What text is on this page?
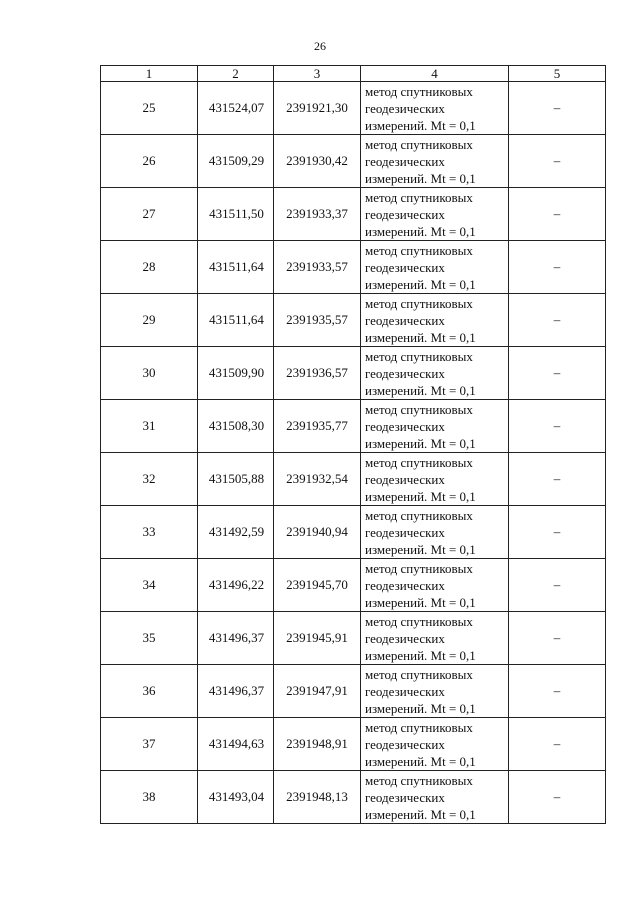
26
1	2	3	4	5
25	431524,07	2391921,30	метод спутниковых
геодезических
измерений. Mt = 0,1	–
26	431509,29	2391930,42	метод спутниковых
геодезических
измерений. Mt = 0,1	–
27	431511,50	2391933,37	метод спутниковых
геодезических
измерений. Mt = 0,1	–
28	431511,64	2391933,57	метод спутниковых
геодезических
измерений. Mt = 0,1	–
29	431511,64	2391935,57	метод спутниковых
геодезических
измерений. Mt = 0,1	–
30	431509,90	2391936,57	метод спутниковых
геодезических
измерений. Mt = 0,1	–
31	431508,30	2391935,77	метод спутниковых
геодезических
измерений. Mt = 0,1	–
32	431505,88	2391932,54	метод спутниковых
геодезических
измерений. Mt = 0,1	–
33	431492,59	2391940,94	метод спутниковых
геодезических
измерений. Mt = 0,1	–
34	431496,22	2391945,70	метод спутниковых
геодезических
измерений. Mt = 0,1	–
35	431496,37	2391945,91	метод спутниковых
геодезических
измерений. Mt = 0,1	–
36	431496,37	2391947,91	метод спутниковых
геодезических
измерений. Mt = 0,1	–
37	431494,63	2391948,91	метод спутниковых
геодезических
измерений. Mt = 0,1	–
38	431493,04	2391948,13	метод спутниковых
геодезических
измерений. Mt = 0,1	–
